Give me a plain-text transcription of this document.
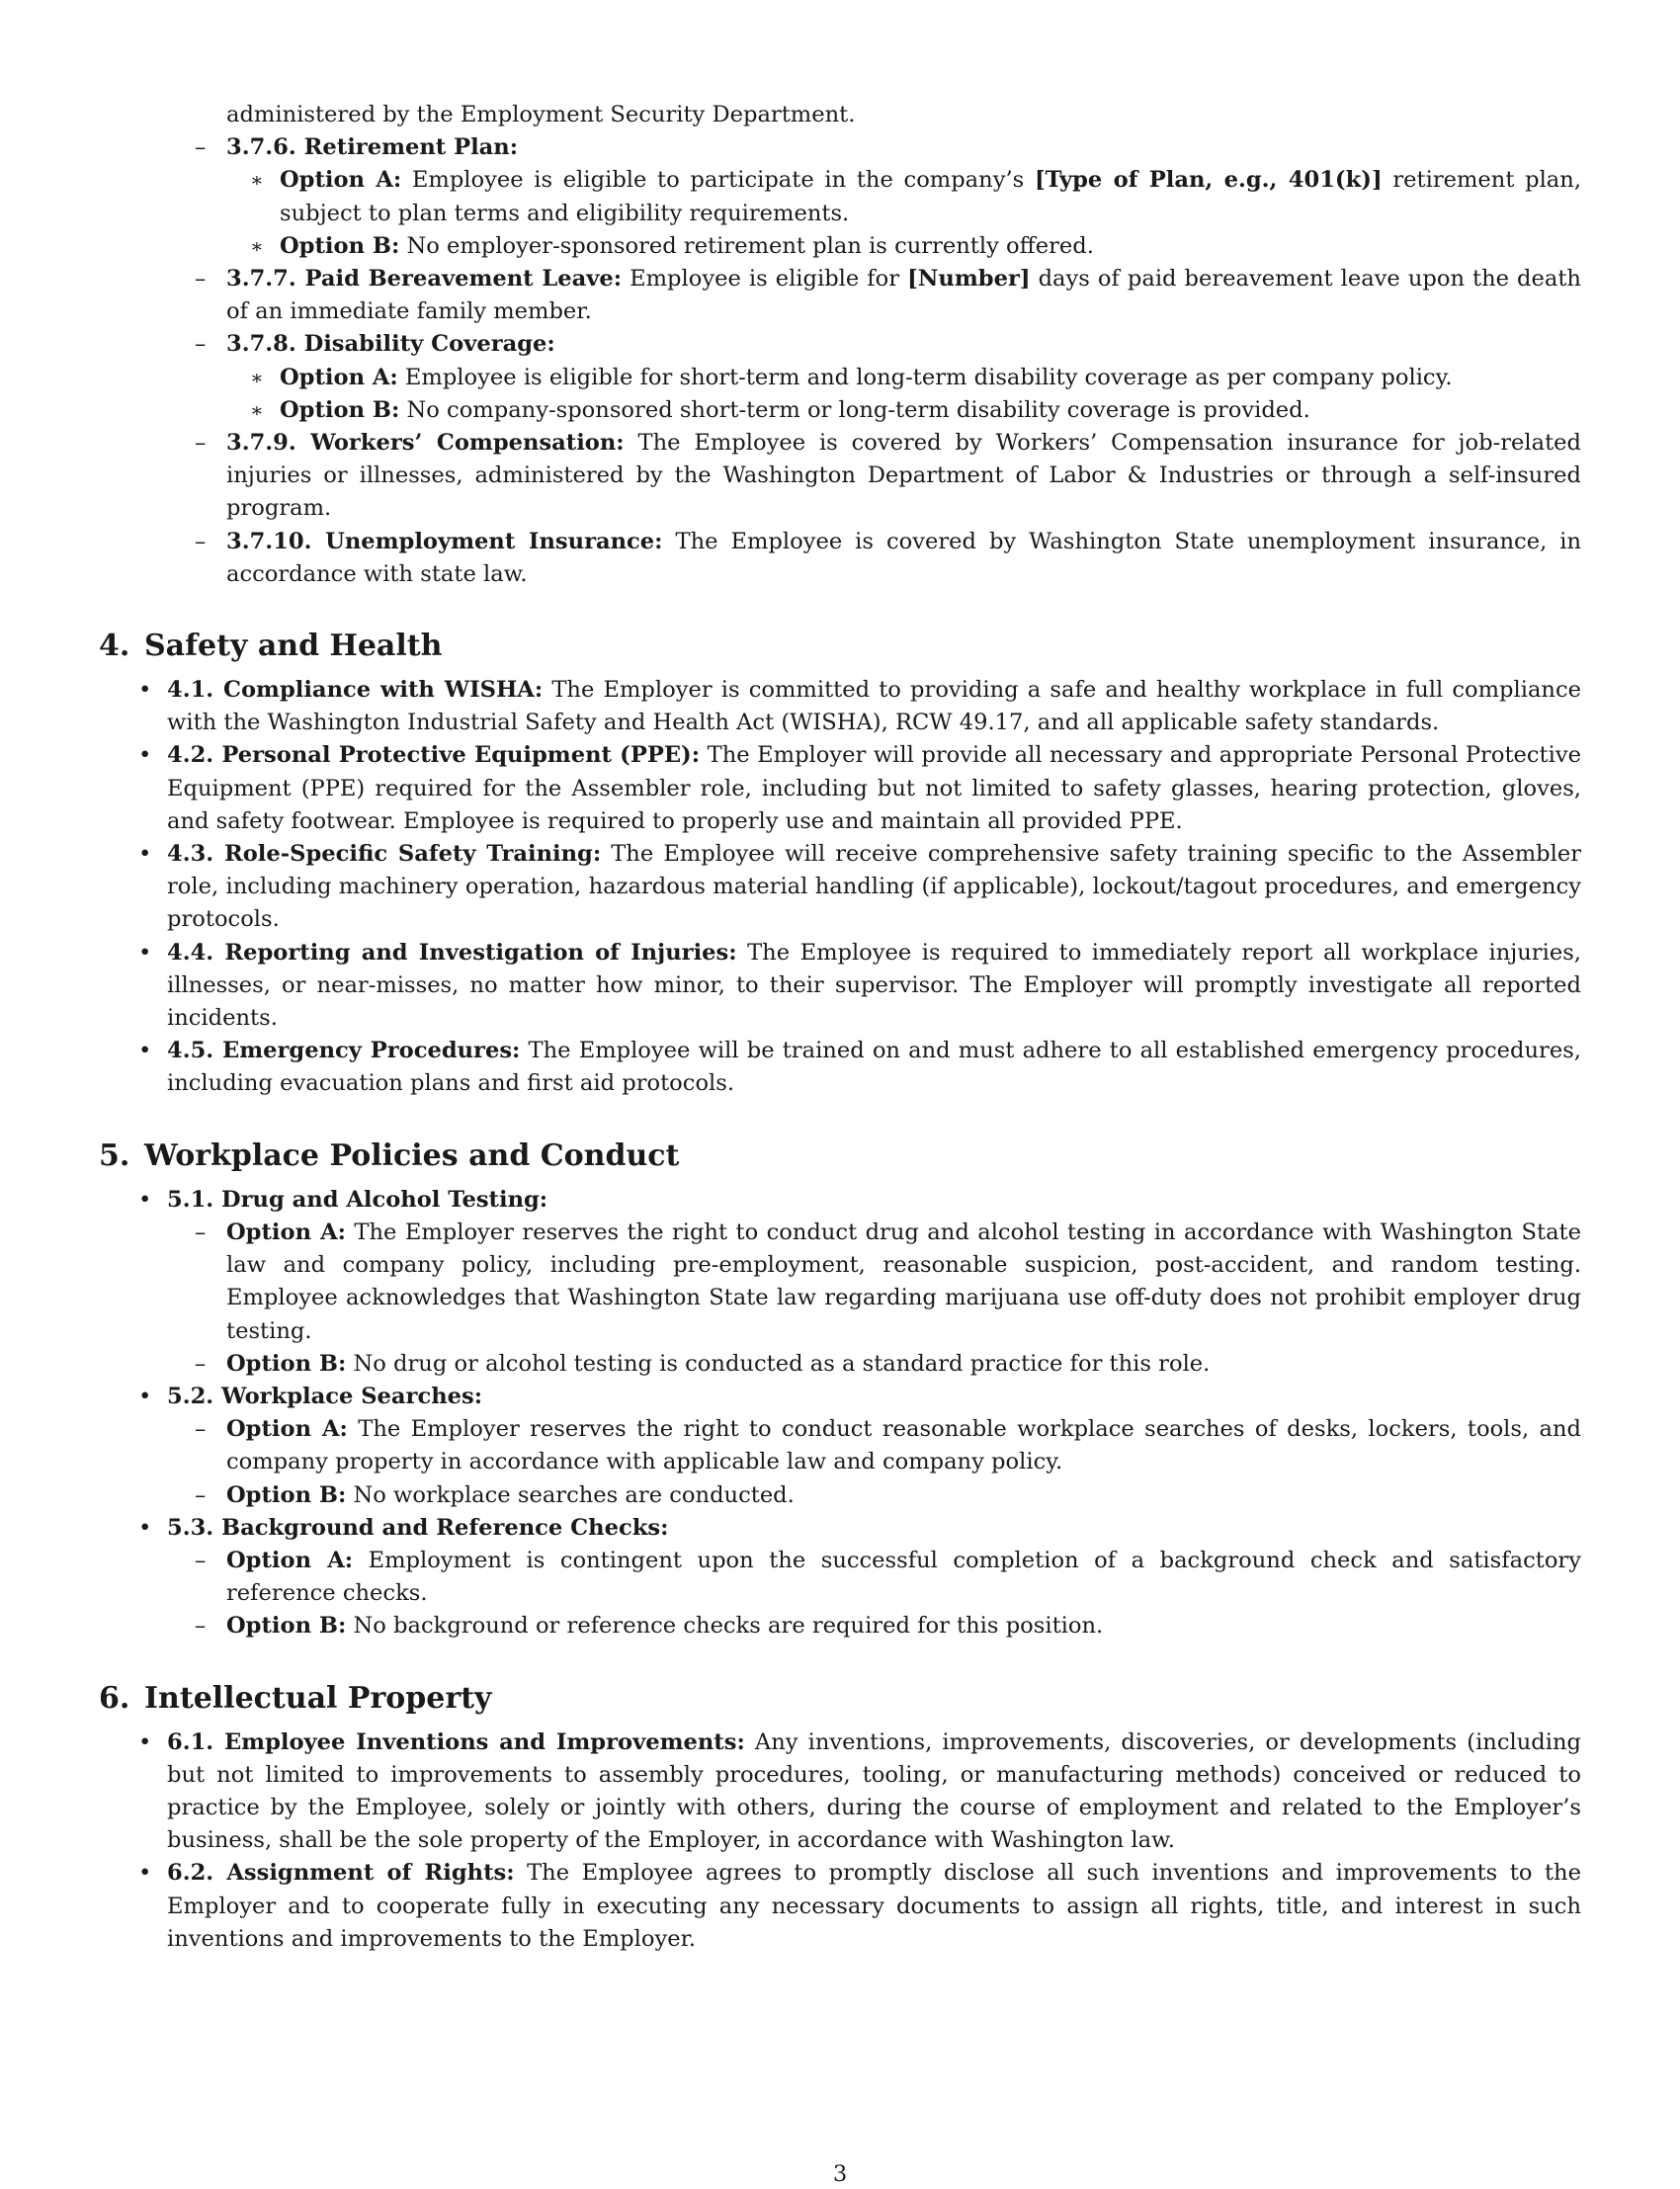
administered by the Employment Security Department.

– 3.7.6. Retirement Plan:

∗ Option A: Employee is eligible to participate in the company’s [Type of Plan, e.g., 401(k)] retirement plan, subject to plan terms and eligibility requirements.

∗ Option B: No employer-sponsored retirement plan is currently offered.

– 3.7.7. Paid Bereavement Leave: Employee is eligible for [Number] days of paid bereavement leave upon the death of an immediate family member.

– 3.7.8. Disability Coverage:

∗ Option A: Employee is eligible for short-term and long-term disability coverage as per company policy.

∗ Option B: No company-sponsored short-term or long-term disability coverage is provided.

– 3.7.9. Workers’ Compensation: The Employee is covered by Workers’ Compensation insurance for job-related injuries or illnesses, administered by the Washington Department of Labor & Industries or through a self-insured program.

– 3.7.10. Unemployment Insurance: The Employee is covered by Washington State unemployment insurance, in accordance with state law.

4. Safety and Health
• 4.1. Compliance with WISHA: The Employer is committed to providing a safe and healthy workplace in full compliance with the Washington Industrial Safety and Health Act (WISHA), RCW 49.17, and all applicable safety standards.

• 4.2. Personal Protective Equipment (PPE): The Employer will provide all necessary and appropriate Personal Protective Equipment (PPE) required for the Assembler role, including but not limited to safety glasses, hearing protection, gloves, and safety footwear. Employee is required to properly use and maintain all provided PPE.

• 4.3. Role-Specific Safety Training: The Employee will receive comprehensive safety training specific to the Assembler role, including machinery operation, hazardous material handling (if applicable), lockout/tagout procedures, and emergency protocols.

• 4.4. Reporting and Investigation of Injuries: The Employee is required to immediately report all workplace injuries, illnesses, or near-misses, no matter how minor, to their supervisor. The Employer will promptly investigate all reported incidents.

• 4.5. Emergency Procedures: The Employee will be trained on and must adhere to all established emergency procedures, including evacuation plans and first aid protocols.

5. Workplace Policies and Conduct
• 5.1. Drug and Alcohol Testing:

– Option A: The Employer reserves the right to conduct drug and alcohol testing in accordance with Washington State law and company policy, including pre-employment, reasonable suspicion, post-accident, and random testing. Employee acknowledges that Washington State law regarding marijuana use off-duty does not prohibit employer drug testing.

– Option B: No drug or alcohol testing is conducted as a standard practice for this role.

• 5.2. Workplace Searches:

– Option A: The Employer reserves the right to conduct reasonable workplace searches of desks, lockers, tools, and company property in accordance with applicable law and company policy.

– Option B: No workplace searches are conducted.

• 5.3. Background and Reference Checks:

– Option A: Employment is contingent upon the successful completion of a background check and satisfactory reference checks.

– Option B: No background or reference checks are required for this position.

6. Intellectual Property
• 6.1. Employee Inventions and Improvements: Any inventions, improvements, discoveries, or developments (including but not limited to improvements to assembly procedures, tooling, or manufacturing methods) conceived or reduced to practice by the Employee, solely or jointly with others, during the course of employment and related to the Employer’s business, shall be the sole property of the Employer, in accordance with Washington law.

• 6.2. Assignment of Rights: The Employee agrees to promptly disclose all such inventions and improvements to the Employer and to cooperate fully in executing any necessary documents to assign all rights, title, and interest in such inventions and improvements to the Employer.

3
